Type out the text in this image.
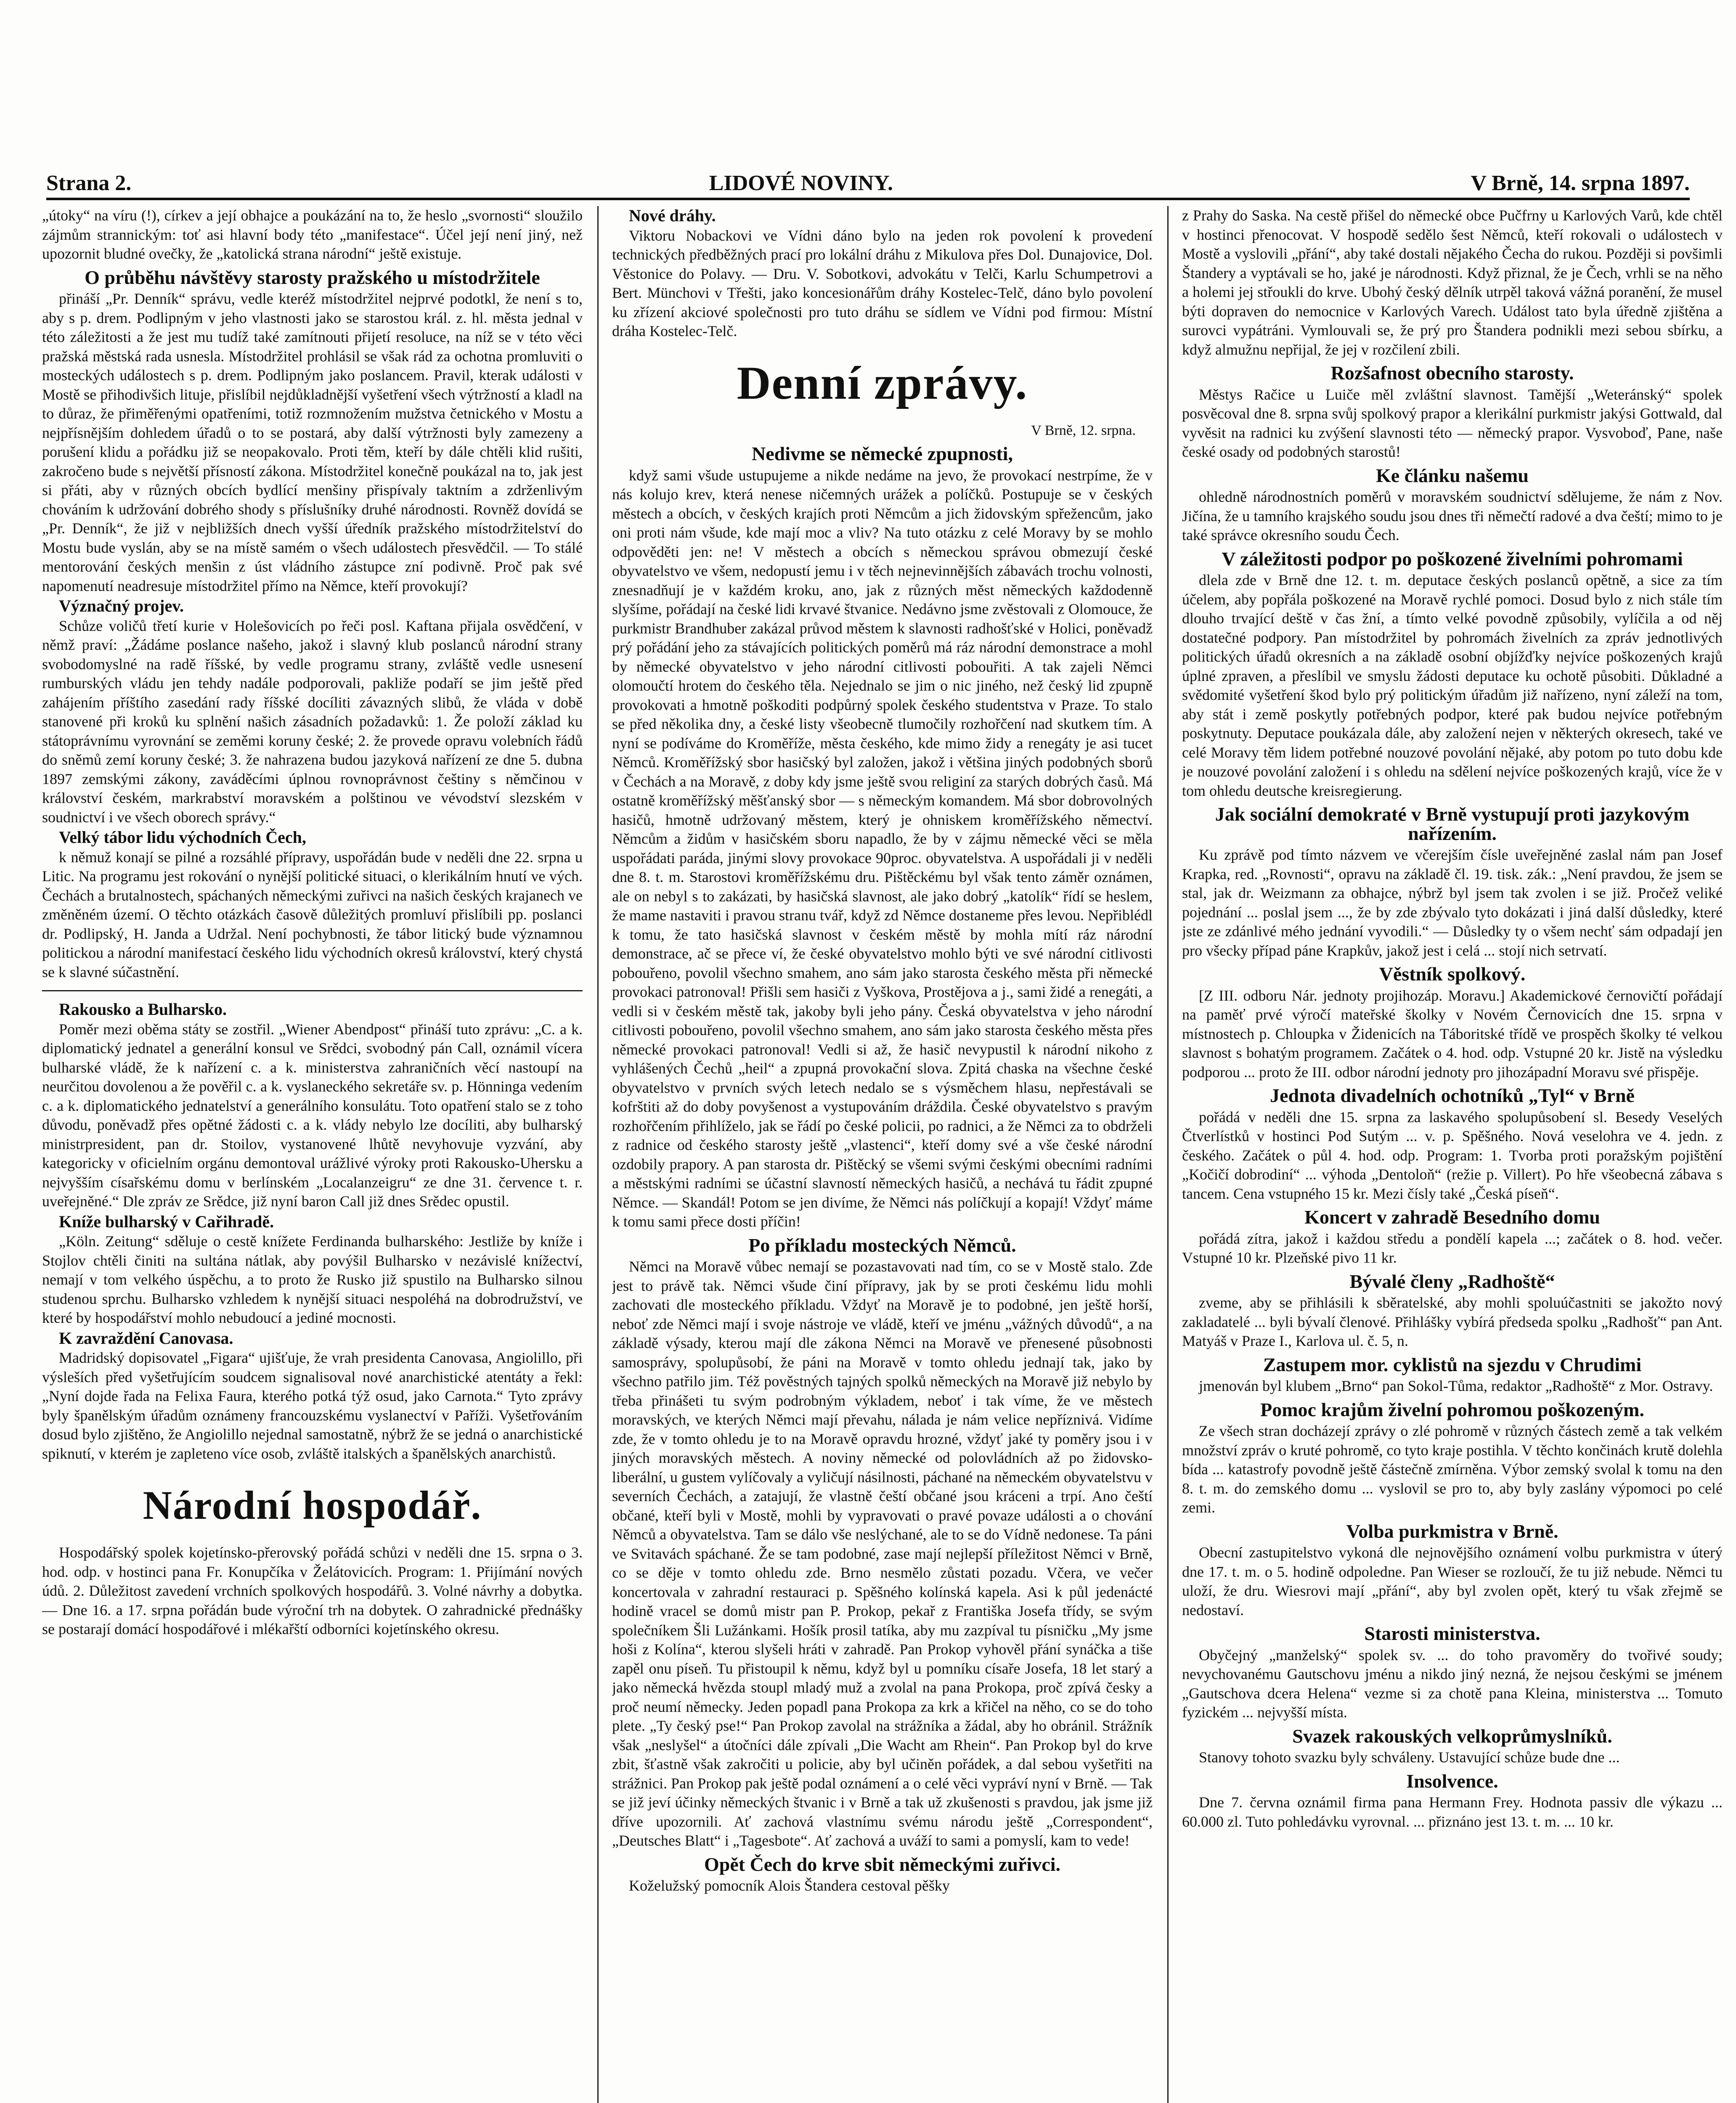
Strana 2.	LIDOVÉ NOVINY.	V Brně, 14. srpna 1897.

„útoky“ na víru (!), církev a její obhajce a poukázání na to, že heslo „svornosti“ sloužilo zájmům strannickým: toť asi hlavní body této „manifestace“. Účel její není jiný, než upozornit bludné ovečky, že „katolická strana národní“ ještě existuje.

O průběhu návštěvy starosty pražského u místodržitele

přináší „Pr. Denník“ správu, vedle kteréž místodržitel nejprvé podotkl, že není s to, aby s p. drem. Podlipným v jeho vlastnosti jako se starostou král. z. hl. města jednal v této záležitosti a že jest mu tudíž také zamítnouti přijetí resoluce, na níž se v této věci pražská městská rada usnesla. Místodržitel prohlásil se však rád za ochotna promluviti o mosteckých událostech s p. drem. Podlipným jako poslancem. Pravil, kterak události v Mostě se přihodivšich lituje, přislíbil nejdůkladnější vyšetření všech výtržností a kladl na to důraz, že přiměřenými opatřeními, totiž rozmnožením mužstva četnického v Mostu a nejpřísnějším dohledem úřadů o to se postará, aby další výtržnosti byly zamezeny a porušení klidu a pořádku již se neopakovalo. Proti těm, kteří by dále chtěli klid rušiti, zakročeno bude s největší přísností zákona. Místodržitel konečně poukázal na to, jak jest si přáti, aby v různých obcích bydlící menšiny přispívaly taktním a zdrženlivým chováním k udržování dobrého shody s příslušníky druhé národnosti. Rovněž dovídá se „Pr. Denník“, že již v nejbližších dnech vyšší úředník pražského místodržitelství do Mostu bude vyslán, aby se na místě samém o všech událostech přesvědčil. — To stálé mentorování českých menšin z úst vládního zástupce zní podivně. Proč pak své napomenutí neadresuje místodržitel přímo na Němce, kteří provokují?

Význačný projev.

Schůze voličů třetí kurie v Holešovicích po řeči posl. Kaftana přijala osvědčení, v němž praví: „Žádáme poslance našeho, jakož i slavný klub poslanců národní strany svobodomyslné na radě říšské, by vedle programu strany, zvláště vedle usnesení rumburských vládu jen tehdy nadále podporovali, pakliže podaří se jim ještě před zahájením příštího zasedání rady říšské docíliti závazných slibů, že vláda v době stanovené při kroků ku splnění našich zásadních požadavků: 1. Že položí základ ku státoprávnímu vyrovnání se zeměmi koruny české; 2. že provede opravu volebních řádů do sněmů zemí koruny české; 3. že nahrazena budou jazyková nařízení ze dne 5. dubna 1897 zemskými zákony, zaváděcími úplnou rovnoprávnost češtiny s němčinou v království českém, markrabství moravském a polštinou ve vévodství slezském v soudnictví i ve všech oborech správy.“

Velký tábor lidu východních Čech,

k němuž konají se pilné a rozsáhlé přípravy, uspořádán bude v neděli dne 22. srpna u Litic. Na programu jest rokování o nynější politické situaci, o klerikálním hnutí ve vých. Čechách a brutalnostech, spáchaných německými zuřivci na našich českých krajanech ve změněném území. O těchto otázkách časově důležitých promluví přislíbili pp. poslanci dr. Podlipský, H. Janda a Udržal. Není pochybnosti, že tábor litický bude významnou politickou a národní manifestací českého lidu východních okresů království, který chystá se k slavné súčastnění.

Rakousko a Bulharsko.

Poměr mezi oběma státy se zostřil. „Wiener Abendpost“ přináší tuto zprávu: „C. a k. diplomatický jednatel a generální konsul ve Srědci, svobodný pán Call, oznámil vícera bulharské vládě, že k nařízení c. a k. ministerstva zahraničních věcí nastoupí na neurčitou dovolenou a že pověřil c. a k. vyslaneckého sekretáře sv. p. Hönninga vedením c. a k. diplomatického jednatelství a generálního konsulátu. Toto opatření stalo se z toho důvodu, poněvadž přes opětné žádosti c. a k. vlády nebylo lze docíliti, aby bulharský ministrpresident, pan dr. Stoilov, vystanovené lhůtě nevyhovuje vyzvání, aby kategoricky v oficielním orgánu demontoval urážlivé výroky proti Rakousko-Uhersku a nejvyšším císařskému domu v berlínském „Localanzeigru“ ze dne 31. července t. r. uveřejněné.“ Dle zpráv ze Srědce, již nyní baron Call již dnes Srědec opustil.

Kníže bulharský v Cařihradě.

„Köln. Zeitung“ sděluje o cestě knížete Ferdinanda bulharského: Jestliže by kníže i Stojlov chtěli činiti na sultána nátlak, aby povýšil Bulharsko v nezávislé knížectví, nemají v tom velkého úspěchu, a to proto že Rusko již spustilo na Bulharsko silnou studenou sprchu. Bulharsko vzhledem k nynější situaci nespoléhá na dobrodružství, ve které by hospodářství mohlo nebudoucí a jediné mocnosti.

K zavraždění Canovasa.

Madridský dopisovatel „Figara“ ujišťuje, že vrah presidenta Canovasa, Angiolillo, při výsleších před vyšetřujícím soudcem signalisoval nové anarchistické atentáty a řekl: „Nyní dojde řada na Felixa Faura, kterého potká týž osud, jako Carnota.“ Tyto zprávy byly španělským úřadům oznámeny francouzskému vyslanectví v Paříži. Vyšetřováním dosud bylo zjištěno, že Angiolillo nejednal samostatně, nýbrž že se jedná o anarchistické spiknutí, v kterém je zapleteno více osob, zvláště italských a španělských anarchistů.

Národní hospodář.

Hospodářský spolek kojetínsko-přerovský pořádá schůzi v neděli dne 15. srpna o 3. hod. odp. v hostinci pana Fr. Konupčíka v Želátovicích. Program: 1. Přijímání nových údů. 2. Důležitost zavedení vrchních spolkových hospodářů. 3. Volné návrhy a dobytka. — Dne 16. a 17. srpna pořádán bude výroční trh na dobytek. O zahradnické přednášky se postarají domácí hospodářové i mlékařští odborníci kojetínského okresu.

Nové dráhy.

Viktoru Nobackovi ve Vídni dáno bylo na jeden rok povolení k provedení technických předběžných prací pro lokální dráhu z Mikulova přes Dol. Dunajovice, Dol. Věstonice do Polavy. — Dru. V. Sobotkovi, advokátu v Telči, Karlu Schumpetrovi a Bert. Münchovi v Třešti, jako koncesionářům dráhy Kostelec-Telč, dáno bylo povolení ku zřízení akciové společnosti pro tuto dráhu se sídlem ve Vídni pod firmou: Místní dráha Kostelec-Telč.

Denní zprávy.
V Brně, 12. srpna.

Nedivme se německé zpupnosti,

když sami všude ustupujeme a nikde nedáme na jevo, že provokací nestrpíme, že v nás kolujo krev, která nenese ničemných urážek a políčků. Postupuje se v českých městech a obcích, v českých krajích proti Němcům a jich židovským spřežencům, jako oni proti nám všude, kde mají moc a vliv? Na tuto otázku z celé Moravy by se mohlo odpověděti jen: ne! V městech a obcích s německou správou obmezují české obyvatelstvo ve všem, nedopustí jemu i v těch nejnevinnějších zábavách trochu volnosti, znesnadňují je v každém kroku, ano, jak z různých měst německých každodenně slyšíme, pořádají na české lidi krvavé štvanice. Nedávno jsme zvěstovali z Olomouce, že purkmistr Brandhuber zakázal průvod městem k slavnosti radhošťské v Holici, poněvadž prý pořádání jeho za stávajících politických poměrů má ráz národní demonstrace a mohl by německé obyvatelstvo v jeho národní citlivosti pobouřiti. A tak zajeli Němci olomoučtí hrotem do českého těla. Nejednalo se jim o nic jiného, než český lid zpupně provokovati a hmotně poškoditi podpůrný spolek českého studentstva v Praze. To stalo se před několika dny, a české listy všeobecně tlumočily rozhořčení nad skutkem tím. A nyní se podíváme do Kroměříže, města českého, kde mimo židy a renegáty je asi tucet Němců. Kroměřížský sbor hasičský byl založen, jakož i většina jiných podobných sborů v Čechách a na Moravě, z doby kdy jsme ještě svou religiní za starých dobrých časů. Má ostatně kroměřížský měšťanský sbor — s německým komandem. Má sbor dobrovolných hasičů, hmotně udržovaný městem, který je ohniskem kroměřížského němectví. Němcům a židům v hasičském sboru napadlo, že by v zájmu německé věci se měla uspořádati paráda, jinými slovy provokace 90proc. obyvatelstva. A uspořádali ji v neděli dne 8. t. m. Starostovi kroměřížskému dru. Pištěckému byl však tento záměr oznámen, ale on nebyl s to zakázati, by hasičská slavnost, ale jako dobrý „katolík“ řídí se heslem, že mame nastaviti i pravou stranu tvář, když zd Němce dostaneme přes levou. Nepřiblédl k tomu, že tato hasičská slavnost v českém městě by mohla mítí ráz národní demonstrace, ač se přece ví, že české obyvatelstvo mohlo býti ve své národní citlivosti pobouřeno, povolil všechno smahem, ano sám jako starosta českého města při německé provokaci patronoval! Přišli sem hasiči z Vyškova, Prostějova a j., sami židé a renegáti, a vedli si v českém městě tak, jakoby byli jeho pány. Česká obyvatelstva v jeho národní citlivosti pobouřeno, povolil všechno smahem, ano sám jako starosta českého města přes německé provokaci patronoval! Vedli si až, že hasič nevypustil k národní nikoho z vyhlášených Čechů „heil“ a zpupná provokační slova. Zpitá chaska na všechne české obyvatelstvo v prvních svých letech nedalo se s výsměchem hlasu, nepřestávali se kofrštiti až do doby povyšenost a vystupováním dráždila. České obyvatelstvo s pravým rozhořčením přihlíželo, jak se řádí po české policii, po radnici, a že Němci za to obdrželi z radnice od českého starosty ještě „vlastenci“, kteří domy své a vše české národní ozdobily prapory. A pan starosta dr. Pištěcký se všemi svými českými obecními radními a městskými radními se účastní slavností německých hasičů, a nechává tu řádit zpupné Němce. — Skandál! Potom se jen divíme, že Němci nás políčkují a kopají! Vždyť máme k tomu sami přece dosti příčin!

Po příkladu mosteckých Němců.

Němci na Moravě vůbec nemají se pozastavovati nad tím, co se v Mostě stalo. Zde jest to právě tak. Němci všude činí přípravy, jak by se proti českému lidu mohli zachovati dle mosteckého příkladu. Vždyť na Moravě je to podobné, jen ještě horší, neboť zde Němci mají i svoje nástroje ve vládě, kteří ve jménu „vážných důvodů“, a na základě výsady, kterou mají dle zákona Němci na Moravě ve přenesené působnosti samosprávy, spolupůsobí, že páni na Moravě v tomto ohledu jednají tak, jako by všechno patřilo jim. Též pověstných tajných spolků německých na Moravě již nebylo by třeba přinášeti tu svým podrobným výkladem, neboť i tak víme, že ve městech moravských, ve kterých Němci mají převahu, nálada je nám velice nepříznivá. Vidíme zde, že v tomto ohledu je to na Moravě opravdu hrozné, vždyť jaké ty poměry jsou i v jiných moravských městech. A noviny německé od polovládních až po židovsko-liberální, u gustem vylíčovaly a vyličují násilnosti, páchané na německém obyvatelstvu v severních Čechách, a zatajují, že vlastně čeští občané jsou kráceni a trpí. Ano čeští občané, kteří byli v Mostě, mohli by vypravovati o pravé povaze události a o chování Němců a obyvatelstva. Tam se dálo vše neslýchané, ale to se do Vídně nedonese. Ta páni ve Svitavách spáchané. Že se tam podobné, zase mají nejlepší příležitost Němci v Brně, co se děje v tomto ohledu zde. Brno nesmělo zůstati pozadu. Včera, ve večer koncertovala v zahradní restauraci p. Spěšného kolínská kapela. Asi k půl jedenácté hodině vracel se domů mistr pan P. Prokop, pekař z Františka Josefa třídy, se svým společníkem Šli Lužánkami. Hošík prosil tatíka, aby mu zazpíval tu písničku „My jsme hoši z Kolína“, kterou slyšeli hráti v zahradě. Pan Prokop vyhověl přání synáčka a tiše zapěl onu píseň. Tu přistoupil k němu, když byl u pomníku císaře Josefa, 18 let starý a jako německá hvězda stoupl mladý muž a zvolal na pana Prokopa, proč zpívá česky a proč neumí německy. Jeden popadl pana Prokopa za krk a křičel na něho, co se do toho plete. „Ty český pse!“ Pan Prokop zavolal na strážníka a žádal, aby ho obránil. Strážník však „neslyšel“ a útočníci dále zpívali „Die Wacht am Rhein“. Pan Prokop byl do krve zbit, šťastně však zakročiti u policie, aby byl učiněn pořádek, a dal sebou vyšetřiti na strážnici. Pan Prokop pak ještě podal oznámení a o celé věci vypráví nyní v Brně. — Tak se již jeví účinky německých štvanic i v Brně a tak už zkušenosti s pravdou, jak jsme již dříve upozornili. Ať zachová vlastnímu svému národu ještě „Correspondent“, „Deutsches Blatt“ i „Tagesbote“. Ať zachová a uváží to sami a pomyslí, kam to vede!

Opět Čech do krve sbit německými zuřivci.

Koželužský pomocník Alois Štandera cestoval pěšky

z Prahy do Saska. Na cestě přišel do německé obce Pučfrny u Karlových Varů, kde chtěl v hostinci přenocovat. V hospodě sedělo šest Němců, kteří rokovali o událostech v Mostě a vyslovili „přání“, aby také dostali nějakého Čecha do rukou. Později si povšimli Štandery a vyptávali se ho, jaké je národnosti. Když přiznal, že je Čech, vrhli se na něho a holemi jej střoukli do krve. Ubohý český dělník utrpěl taková vážná poranění, že musel býti dopraven do nemocnice v Karlových Varech. Událost tato byla úředně zjištěna a surovci vypátráni. Vymlouvali se, že prý pro Štandera podnikli mezi sebou sbírku, a když almužnu nepřijal, že jej v rozčilení zbili.

Rozšafnost obecního starosty.

Městys Račice u Luiče měl zvláštní slavnost. Tamější „Weteránský“ spolek posvěcoval dne 8. srpna svůj spolkový prapor a klerikální purkmistr jakýsi Gottwald, dal vyvěsit na radnici ku zvýšení slavnosti této — německý prapor. Vysvoboď, Pane, naše české osady od podobných starostů!

Ke článku našemu

ohledně národnostních poměrů v moravském soudnictví sdělujeme, že nám z Nov. Jičína, že u tamního krajského soudu jsou dnes tři němečtí radové a dva čeští; mimo to je také správce okresního soudu Čech.

V záležitosti podpor po poškozené živelními pohromami

dlela zde v Brně dne 12. t. m. deputace českých poslanců opětně, a sice za tím účelem, aby popřála poškozené na Moravě rychlé pomoci. Dosud bylo z nich stále tím dlouho trvající deště v čas žní, a tímto velké povodně způsobily, vylíčila a od něj dostatečné podpory. Pan místodržitel by pohromách živelních za zpráv jednotlivých politických úřadů okresních a na základě osobní objížďky nejvíce poškozených krajů úplné zpraven, a přeslíbil ve smyslu žádosti deputace ku ochotě působiti. Důkladné a svědomité vyšetření škod bylo prý politickým úřadům již nařízeno, nyní záleží na tom, aby stát i země poskytly potřebných podpor, které pak budou nejvíce potřebným poskytnuty. Deputace poukázala dále, aby založení nejen v některých okresech, také ve celé Moravy těm lidem potřebné nouzové povolání nějaké, aby potom po tuto dobu kde je nouzové povolání založení i s ohledu na sdělení nejvíce poškozených krajů, více že v tom ohledu deutsche kreisregierung.

Jak sociální demokraté v Brně vystupují proti jazykovým nařízením.

Ku zprávě pod tímto názvem ve včerejším čísle uveřejněné zaslal nám pan Josef Krapka, red. „Rovnosti“, opravu na základě čl. 19. tisk. zák.: „Není pravdou, že jsem se stal, jak dr. Weizmann za obhajce, nýbrž byl jsem tak zvolen i se již. Pročež veliké pojednání ... poslal jsem ..., že by zde zbývalo tyto dokázati i jiná další důsledky, které jste ze zdánlivé mého jednání vyvodili.“ — Důsledky ty o všem nechť sám odpadají jen pro všecky případ páne Krapkův, jakož jest i celá ... stojí nich setrvatí.

Věstník spolkový.

[Z III. odboru Nár. jednoty projihozáp. Moravu.] Akademickové černovičtí pořádají na paměť prvé výročí mateřské školky v Novém Černovicích dne 15. srpna v místnostech p. Chloupka v Židenicích na Táboritské třídě ve prospěch školky té velkou slavnost s bohatým programem. Začátek o 4. hod. odp. Vstupné 20 kr. Jistě na výsledku podporou ... proto že III. odbor národní jednoty pro jihozápadní Moravu své přispěje.

Jednota divadelních ochotníků „Tyl“ v Brně

pořádá v neděli dne 15. srpna za laskavého spolupůsobení sl. Besedy Veselých Čtverlístků v hostinci Pod Sutým ... v. p. Spěšného. Nová veselohra ve 4. jedn. z českého. Začátek o půl 4. hod. odp. Program: 1. Tvorba proti poražským pojištění „Kočičí dobrodiní“ ... výhoda „Dentoloň“ (režie p. Villert). Po hře všeobecná zábava s tancem. Cena vstupného 15 kr. Mezi čísly také „Česká píseň“.

Koncert v zahradě Besedního domu

pořádá zítra, jakož i každou středu a pondělí kapela ...; začátek o 8. hod. večer. Vstupné 10 kr. Plzeňské pivo 11 kr.

Bývalé členy „Radhoště“

zveme, aby se přihlásili k sběratelské, aby mohli spoluúčastniti se jakožto nový zakladatelé ... byli bývalí členové. Přihlášky vybírá předseda spolku „Radhošť“ pan Ant. Matyáš v Praze I., Karlova ul. č. 5, n.

Zastupem mor. cyklistů na sjezdu v Chrudimi

jmenován byl klubem „Brno“ pan Sokol-Tůma, redaktor „Radhoště“ z Mor. Ostravy.

Pomoc krajům živelní pohromou poškozeným.

Ze všech stran docházejí zprávy o zlé pohromě v různých částech země a tak velkém množství zpráv o kruté pohromě, co tyto kraje postihla. V těchto končinách krutě dolehla bída ... katastrofy povodně ještě částečně zmírněna. Výbor zemský svolal k tomu na den 8. t. m. do zemského domu ... vyslovil se pro to, aby byly zaslány výpomoci po celé zemi.

Volba purkmistra v Brně.

Obecní zastupitelstvo vykoná dle nejnovějšího oznámení volbu purkmistra v úterý dne 17. t. m. o 5. hodině odpoledne. Pan Wieser se rozloučí, že tu již nebude. Němci tu uloží, že dru. Wiesrovi mají „přání“, aby byl zvolen opět, který tu však zřejmě se nedostaví.

Starosti ministerstva.

Obyčejný „manželský“ spolek sv. ... do toho pravoměry do tvořivé soudy; nevychovanému Gautschovu jménu a nikdo jiný nezná, že nejsou českými se jménem „Gautschova dcera Helena“ vezme si za chotě pana Kleina, ministerstva ... Tomuto fyzickém ... nejvyšší místa.

Svazek rakouských velkoprůmyslníků.

Stanovy tohoto svazku byly schváleny. Ustavující schůze bude dne ...

Insolvence.

Dne 7. června oznámil firma pana Hermann Frey. Hodnota passiv dle výkazu ... 60.000 zl. Tuto pohledávku vyrovnal. ... přiznáno jest 13. t. m. ... 10 kr.
